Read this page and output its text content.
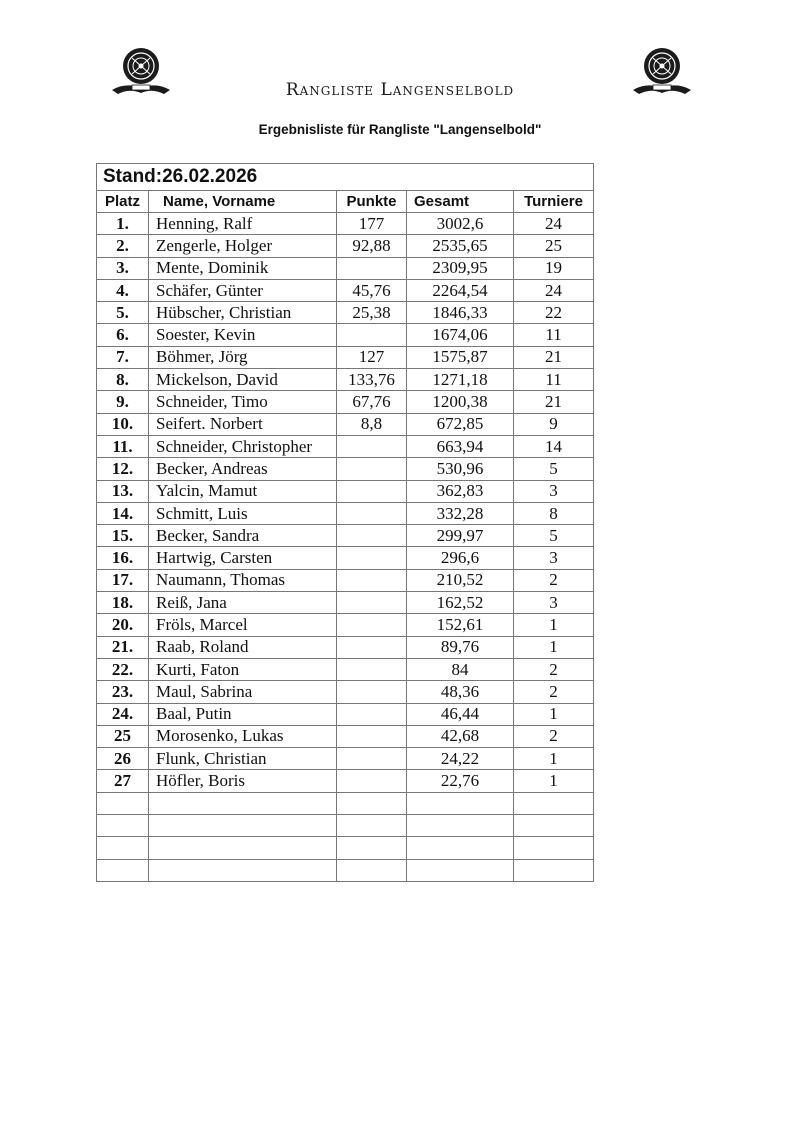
Rangliste Langenselbold
Ergebnisliste für Rangliste "Langenselbold"
Stand:26.02.2026				
Platz	Name, Vorname	Punkte	Gesamt	Turniere
1.	Henning, Ralf	177	3002,6	24
2.	Zengerle, Holger	92,88	2535,65	25
3.	Mente, Dominik		2309,95	19
4.	Schäfer, Günter	45,76	2264,54	24
5.	Hübscher, Christian	25,38	1846,33	22
6.	Soester, Kevin		1674,06	11
7.	Böhmer, Jörg	127	1575,87	21
8.	Mickelson, David	133,76	1271,18	11
9.	Schneider, Timo	67,76	1200,38	21
10.	Seifert. Norbert	8,8	672,85	9
11.	Schneider, Christopher		663,94	14
12.	Becker, Andreas		530,96	5
13.	Yalcin, Mamut		362,83	3
14.	Schmitt, Luis		332,28	8
15.	Becker, Sandra		299,97	5
16.	Hartwig, Carsten		296,6	3
17.	Naumann, Thomas		210,52	2
18.	Reiß, Jana		162,52	3
20.	Fröls, Marcel		152,61	1
21.	Raab, Roland		89,76	1
22.	Kurti, Faton		84	2
23.	Maul, Sabrina		48,36	2
24.	Baal, Putin		46,44	1
25	Morosenko, Lukas		42,68	2
26	Flunk, Christian		24,22	1
27	Höfler, Boris		22,76	1
